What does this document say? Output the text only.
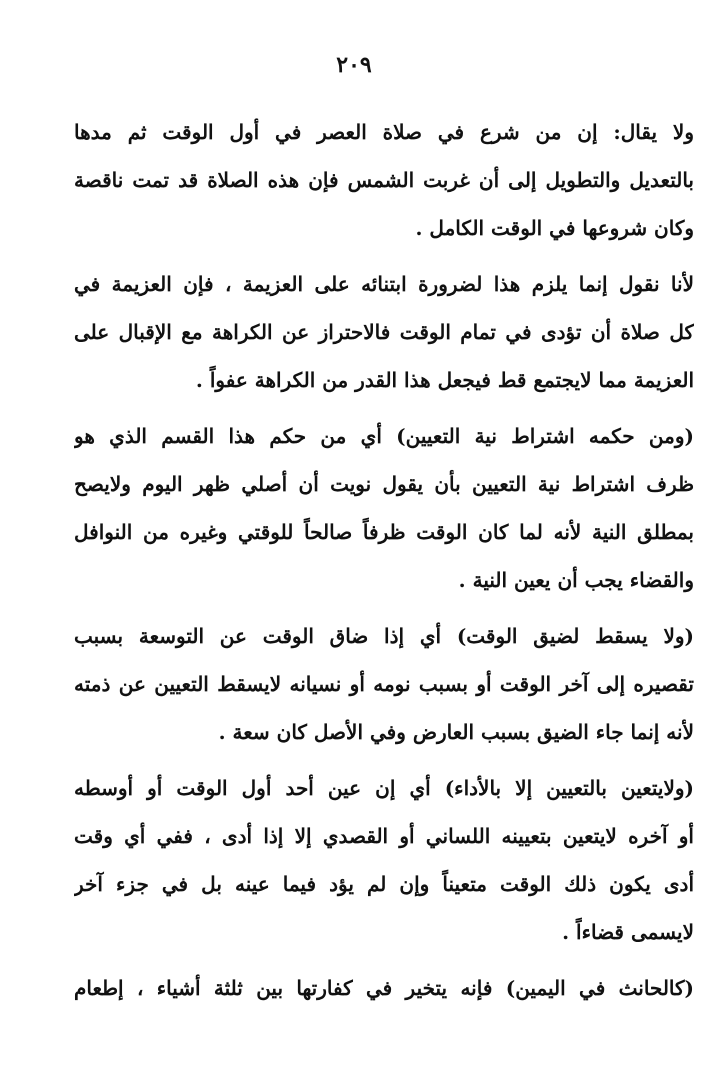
٢٠٩
ولا يقال: إن من شرع في صلاة العصر في أول الوقت ثم مدها
بالتعديل والتطويل إلى أن غربت الشمس فإن هذه الصلاة قد تمت ناقصة
وكان شروعها في الوقت الكامل .
لأنا نقول إنما يلزم هذا لضرورة ابتنائه على العزيمة ، فإن العزيمة في
كل صلاة أن تؤدى في تمام الوقت فالاحتراز عن الكراهة مع الإقبال على
العزيمة مما لايجتمع قط فيجعل هذا القدر من الكراهة عفواً .
(ومن حكمه اشتراط نية التعيين) أي من حكم هذا القسم الذي هو
ظرف اشتراط نية التعيين بأن يقول نويت أن أصلي ظهر اليوم ولايصح
بمطلق النية لأنه لما كان الوقت ظرفاً صالحاً للوقتي وغيره من النوافل
والقضاء يجب أن يعين النية .
(ولا يسقط لضيق الوقت) أي إذا ضاق الوقت عن التوسعة بسبب
تقصيره إلى آخر الوقت أو بسبب نومه أو نسيانه لايسقط التعيين عن ذمته
لأنه إنما جاء الضيق بسبب العارض وفي الأصل كان سعة .
(ولايتعين بالتعيين إلا بالأداء) أي إن عين أحد أول الوقت أو أوسطه
أو آخره لايتعين بتعيينه اللساني أو القصدي إلا إذا أدى ، ففي أي وقت
أدى يكون ذلك الوقت متعيناً وإن لم يؤد فيما عينه بل في جزء آخر
لايسمى قضاءاً .
(كالحانث في اليمين) فإنه يتخير في كفارتها بين ثلثة أشياء ، إطعام
